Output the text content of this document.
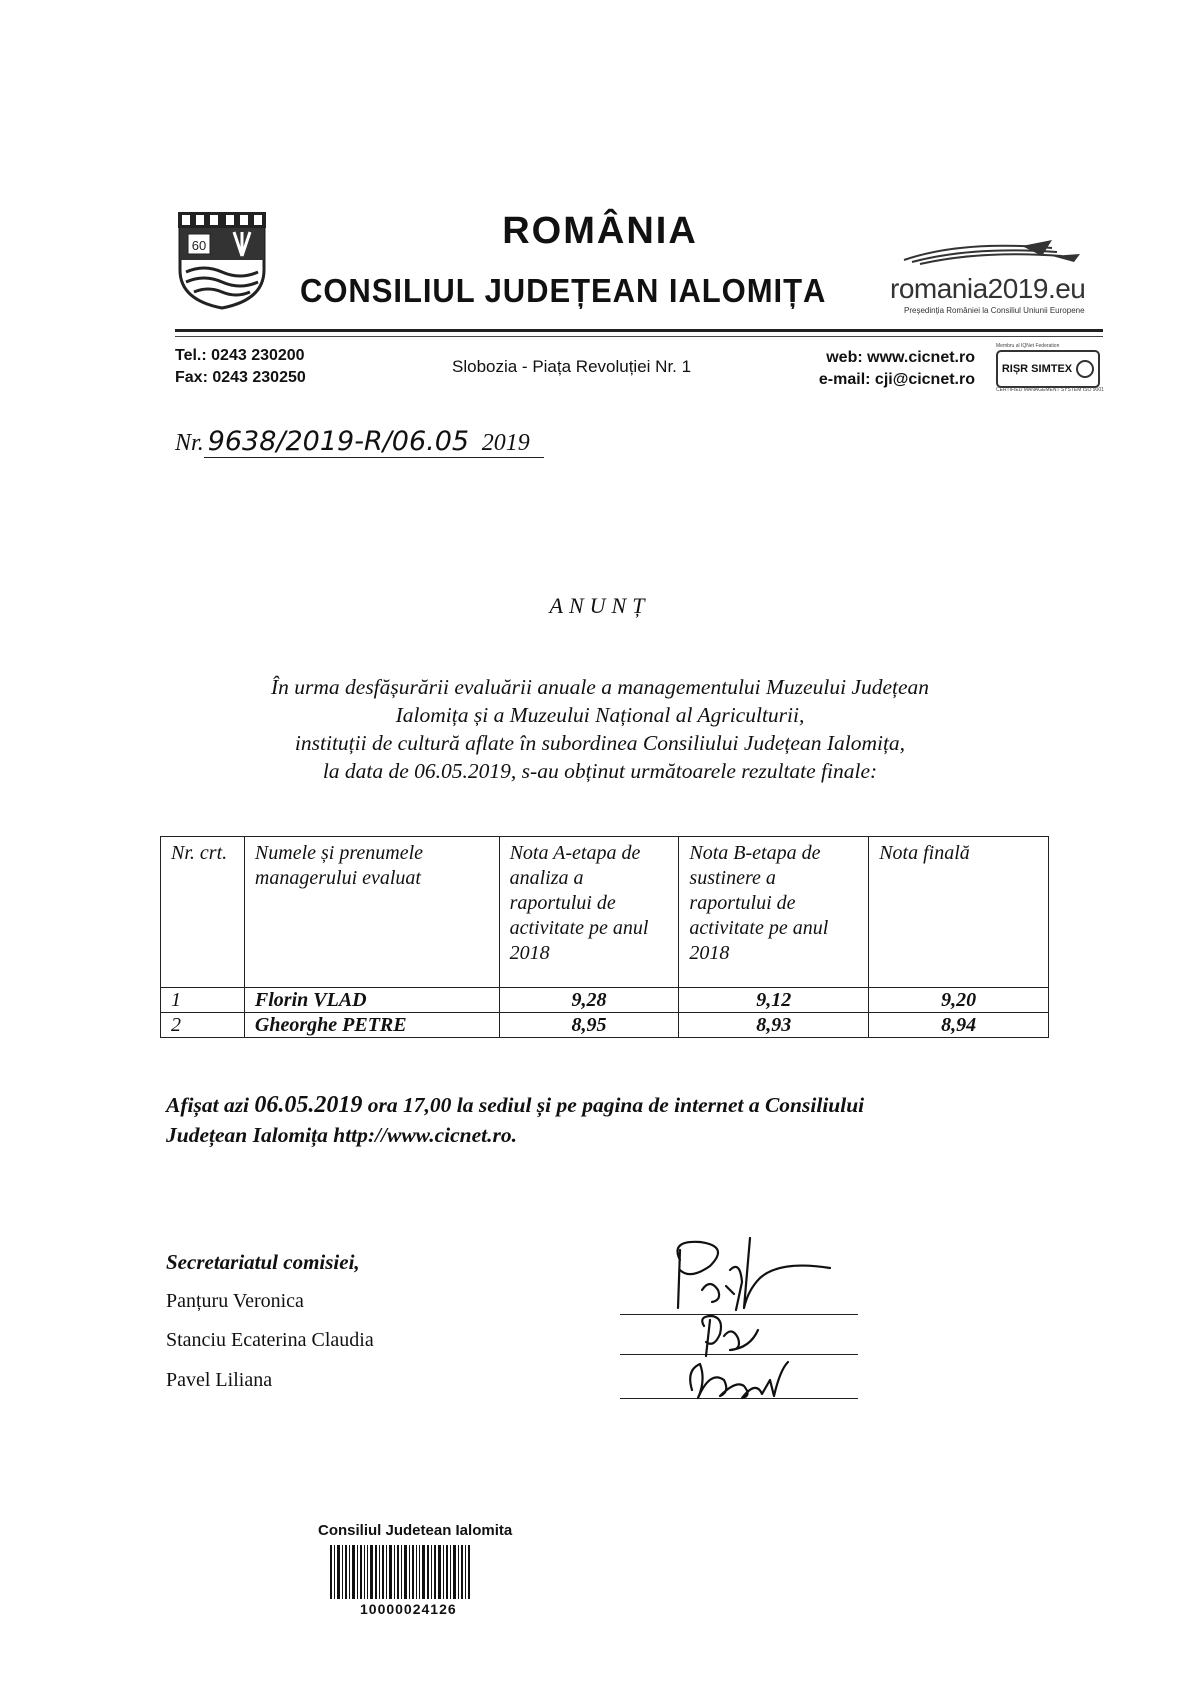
60	ROMÂNIA
CONSILIUL JUDEȚEAN IALOMIȚA romania2019.eu
Președinția României la Consiliul Uniunii Europene
Tel.: 0243 230200
Fax: 0243 230250
Slobozia - Piața Revoluției Nr. 1	web: www.cicnet.ro
e-mail: cji@cicnet.ro
Membru al IQNet Federation
RIȘR SIMTEX
CERTIFIED MANAGEMENT SYSTEM ISO 9001
Nr. 9638/2019-R/06.05 2019
ANUNȚ
În urma desfășurării evaluării anuale a managementului Muzeului Județean
Ialomița și a Muzeului Național al Agriculturii,
instituții de cultură aflate în subordinea Consiliului Județean Ialomița,
la data de 06.05.2019, s-au obținut următoarele rezultate finale:
Nr. crt.	Numele și prenumele managerului evaluat	Nota A-etapa de analiza a raportului de activitate pe anul 2018	Nota B-etapa de sustinere a raportului de activitate pe anul 2018	Nota finală
1	Florin VLAD	9,28	9,12	9,20
2	Gheorghe PETRE	8,95	8,93	8,94
Afișat azi 06.05.2019 ora 17,00 la sediul și pe pagina de internet a Consiliului
Județean Ialomița http://www.cicnet.ro.
Secretariatul comisiei,
Panțuru Veronica
Stanciu Ecaterina Claudia
Pavel Liliana
Consiliul Judetean Ialomita
10000024126
